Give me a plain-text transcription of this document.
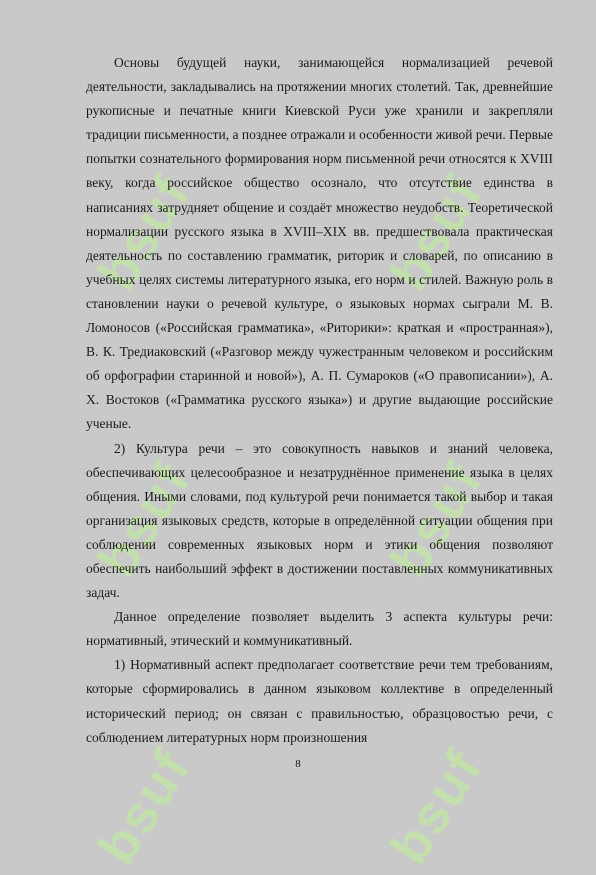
bsuf	bsuf
bsuf	bsuf
bsuf	bsuf

Основы будущей науки, занимающейся нормализацией речевой деятельности, закладывались на протяжении многих столетий. Так, древнейшие рукописные и печатные книги Киевской Руси уже хранили и закрепляли традиции письменности, а позднее отражали и особенности живой речи. Первые попытки сознательного формирования норм письменной речи относятся к XVIII веку, когда российское общество осознало, что отсутствие единства в написаниях затрудняет общение и создаёт множество неудобств. Теоретической нормализации русского языка в XVIII–XIX вв. предшествовала практическая деятельность по составлению грамматик, риторик и словарей, по описанию в учебных целях системы литературного языка, его норм и стилей. Важную роль в становлении науки о речевой культуре, о языковых нормах сыграли М. В. Ломоносов («Российская грамматика», «Риторики»: краткая и «пространная»), В. К. Тредиаковский («Разговор между чужестранным человеком и российским об орфографии старинной и новой»), А. П. Сумароков («О правописании»), А. Х. Востоков («Грамматика русского языка») и другие выдающие российские ученые.

2) Культура речи – это совокупность навыков и знаний человека, обеспечивающих целесообразное и незатруднённое применение языка в целях общения. Иными словами, под культурой речи понимается такой выбор и такая организация языковых средств, которые в определённой ситуации общения при соблюдении современных языковых норм и этики общения позволяют обеспечить наибольший эффект в достижении поставленных коммуникативных задач.

Данное определение позволяет выделить 3 аспекта культуры речи: нормативный, этический и коммуникативный.

1) Нормативный аспект предполагает соответствие речи тем требованиям, которые сформировались в данном языковом коллективе в определенный исторический период; он связан с правильностью, образцовостью речи, с соблюдением литературных норм произношения

8
